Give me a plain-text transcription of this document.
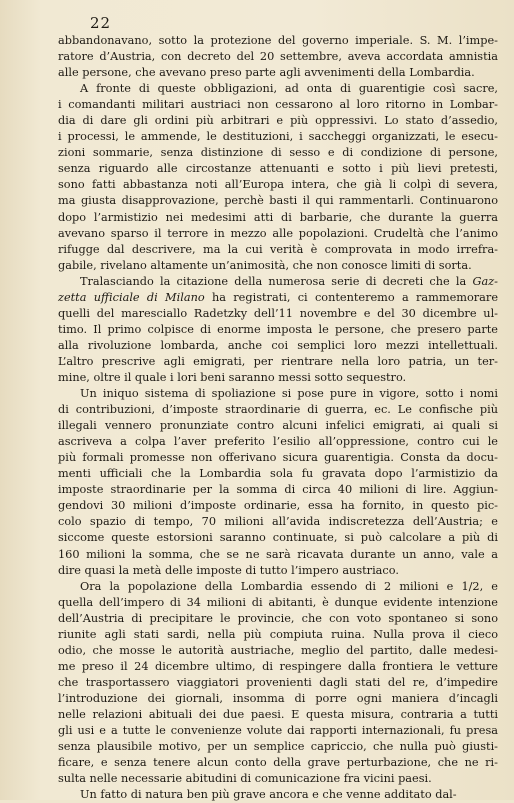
22
abbandonavano, sotto la protezione del governo imperiale. S. M. l’impe-
ratore d’Austria, con decreto del 20 settembre, aveva accordata amnistia
alle persone, che avevano preso parte agli avvenimenti della Lombardia.
A fronte di queste obbligazioni, ad onta di guarentigie così sacre,
i comandanti militari austriaci non cessarono al loro ritorno in Lombar-
dia di dare gli ordini più arbitrari e più oppressivi. Lo stato d’assedio,
i processi, le ammende, le destituzioni, i saccheggi organizzati, le esecu-
zioni sommarie, senza distinzione di sesso e di condizione di persone,
senza riguardo alle circostanze attenuanti e sotto i più lievi pretesti,
sono fatti abbastanza noti all’Europa intera, che già li colpì di severa,
ma giusta disapprovazione, perchè basti il qui rammentarli. Continuarono
dopo l’armistizio nei medesimi atti di barbarie, che durante la guerra
avevano sparso il terrore in mezzo alle popolazioni. Crudeltà che l’animo
rifugge dal descrivere, ma la cui verità è comprovata in modo irrefra-
gabile, rivelano altamente un’animosità, che non conosce limiti di sorta.
Tralasciando la citazione della numerosa serie di decreti che la Gaz-
zetta ufficiale di Milano ha registrati, ci contenteremo a rammemorare
quelli del maresciallo Radetzky dell’11 novembre e del 30 dicembre ul-
timo. Il primo colpisce di enorme imposta le persone, che presero parte
alla rivoluzione lombarda, anche coi semplici loro mezzi intellettuali.
L’altro prescrive agli emigrati, per rientrare nella loro patria, un ter-
mine, oltre il quale i lori beni saranno messi sotto sequestro.
Un iniquo sistema di spoliazione si pose pure in vigore, sotto i nomi
di contribuzioni, d’imposte straordinarie di guerra, ec. Le confische più
illegali vennero pronunziate contro alcuni infelici emigrati, ai quali si
ascriveva a colpa l’aver preferito l’esilio all’oppressione, contro cui le
più formali promesse non offerivano sicura guarentigia. Consta da docu-
menti ufficiali che la Lombardia sola fu gravata dopo l’armistizio da
imposte straordinarie per la somma di circa 40 milioni di lire. Aggiun-
gendovi 30 milioni d’imposte ordinarie, essa ha fornito, in questo pic-
colo spazio di tempo, 70 milioni all’avida indiscretezza dell’Austria; e
siccome queste estorsioni saranno continuate, si può calcolare a più di
160 milioni la somma, che se ne sarà ricavata durante un anno, vale a
dire quasi la metà delle imposte di tutto l’impero austriaco.
Ora la popolazione della Lombardia essendo di 2 milioni e 1/2, e
quella dell’impero di 34 milioni di abitanti, è dunque evidente intenzione
dell’Austria di precipitare le provincie, che con voto spontaneo si sono
riunite agli stati sardi, nella più compiuta ruina. Nulla prova il cieco
odio, che mosse le autorità austriache, meglio del partito, dalle medesi-
me preso il 24 dicembre ultimo, di respingere dalla frontiera le vetture
che trasportassero viaggiatori provenienti dagli stati del re, d’impedire
l’introduzione dei giornali, insomma di porre ogni maniera d’incagli
nelle relazioni abituali dei due paesi. E questa misura, contraria a tutti
gli usi e a tutte le convenienze volute dai rapporti internazionali, fu presa
senza plausibile motivo, per un semplice capriccio, che nulla può giusti-
ficare, e senza tenere alcun conto della grave perturbazione, che ne ri-
sulta nelle necessarie abitudini di comunicazione fra vicini paesi.
Un fatto di natura ben più grave ancora e che venne additato dal-
